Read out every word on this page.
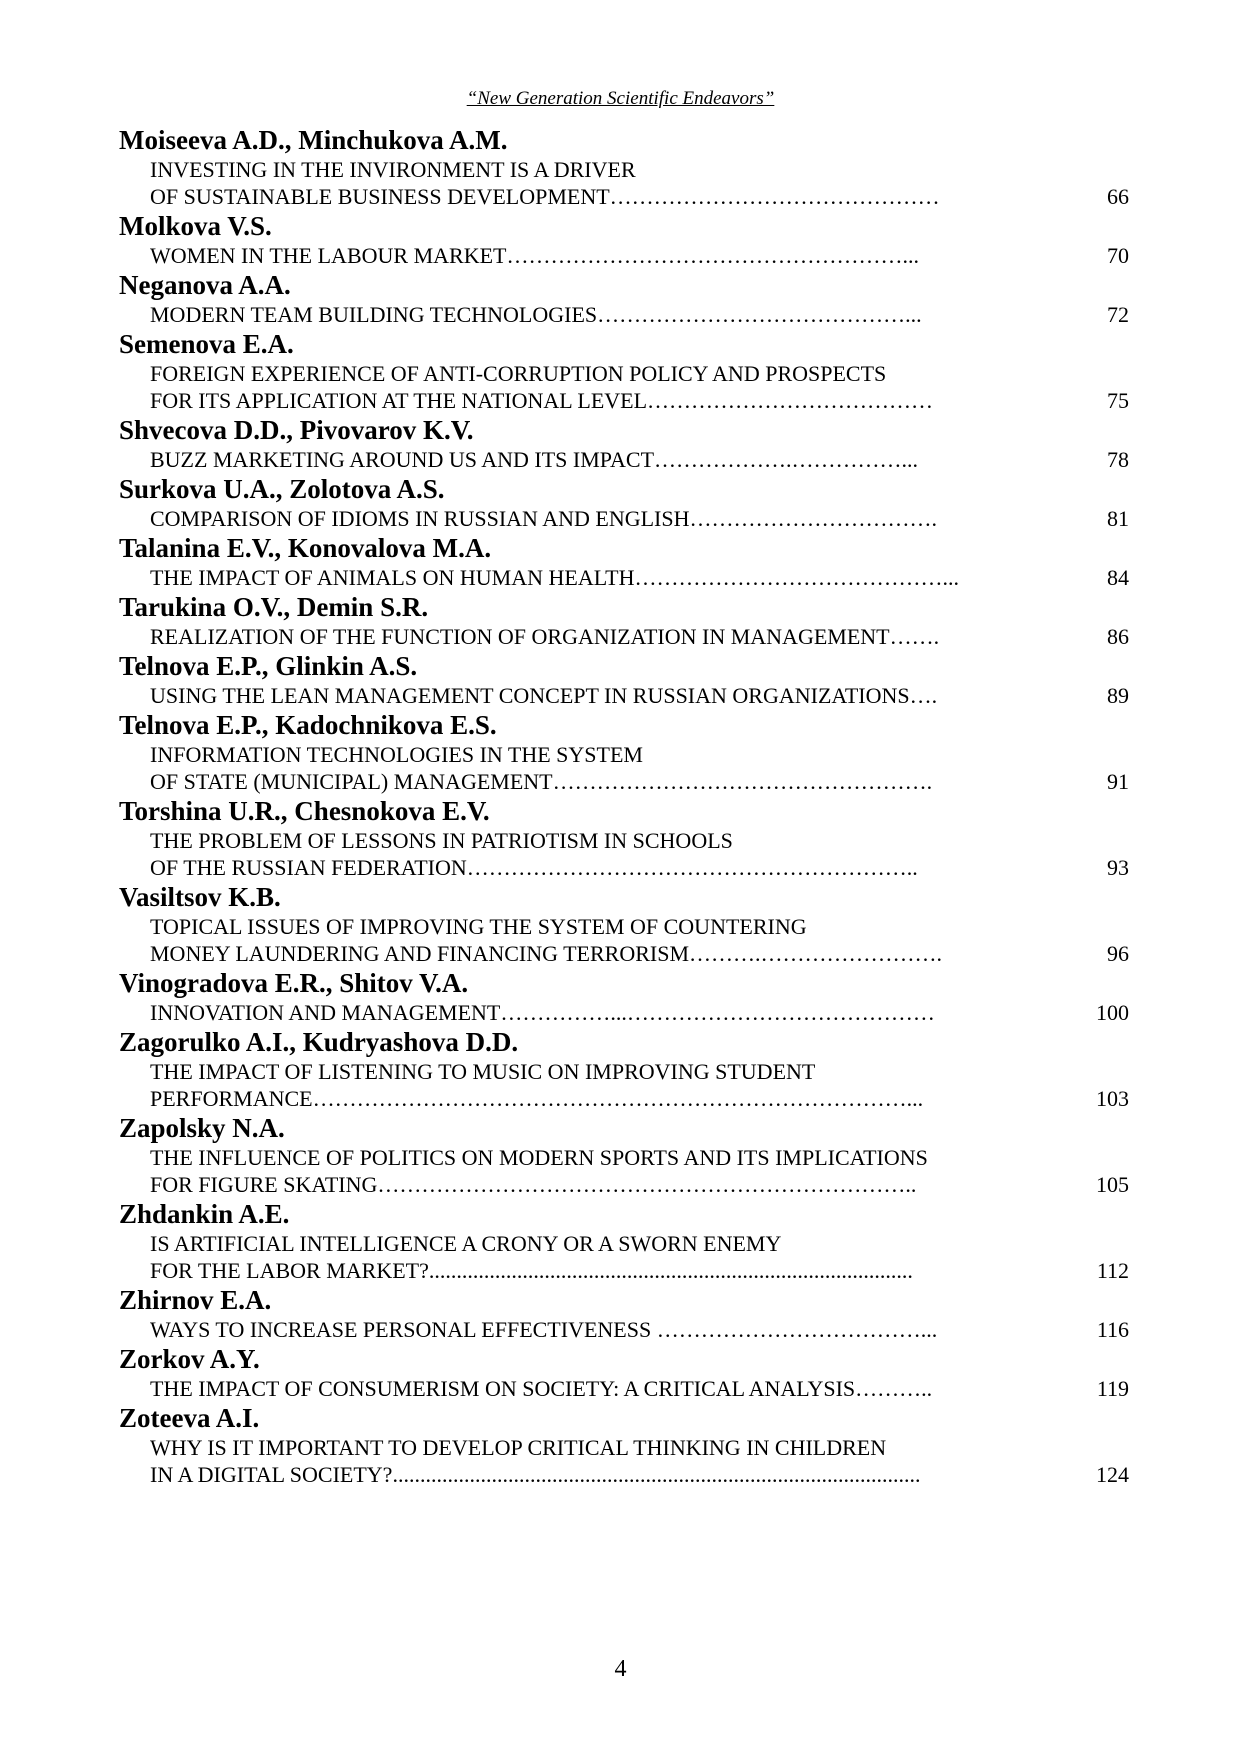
“New Generation Scientific Endeavors”
Moiseeva A.D., Minchukova A.M.
INVESTING IN THE INVIRONMENT IS A DRIVER
OF SUSTAINABLE BUSINESS DEVELOPMENT………………………………………	66
Molkova V.S.
WOMEN IN THE LABOUR MARKET………………………………………………...	70
Neganova A.A.
MODERN TEAM BUILDING TECHNOLOGIES……………………………………...	72
Semenova E.A.
FOREIGN EXPERIENCE OF ANTI-CORRUPTION POLICY AND PROSPECTS
FOR ITS APPLICATION AT THE NATIONAL LEVEL…………………………………	75
Shvecova D.D., Pivovarov K.V.
BUZZ MARKETING AROUND US AND ITS IMPACT……………….……………...	78
Surkova U.A., Zolotova A.S.
COMPARISON OF IDIOMS IN RUSSIAN AND ENGLISH…………………………….	81
Talanina E.V., Konovalova M.A.
THE IMPACT OF ANIMALS ON HUMAN HEALTH……………………………………...	84
Tarukina O.V., Demin S.R.
REALIZATION OF THE FUNCTION OF ORGANIZATION IN MANAGEMENT…….	86
Telnova E.P., Glinkin A.S.
USING THE LEAN MANAGEMENT CONCEPT IN RUSSIAN ORGANIZATIONS….	89
Telnova E.P., Kadochnikova E.S.
INFORMATION TECHNOLOGIES IN THE SYSTEM
OF STATE (MUNICIPAL) MANAGEMENT…………………………………………….	91
Torshina U.R., Chesnokova E.V.
THE PROBLEM OF LESSONS IN PATRIOTISM IN SCHOOLS
OF THE RUSSIAN FEDERATION……………………………………………………..	93
Vasiltsov K.B.
TOPICAL ISSUES OF IMPROVING THE SYSTEM OF COUNTERING
MONEY LAUNDERING AND FINANCING TERRORISM……….…………………….	96
Vinogradova E.R., Shitov V.A.
INNOVATION AND MANAGEMENT……………...……………………………………	100
Zagorulko A.I., Kudryashova D.D.
THE IMPACT OF LISTENING TO MUSIC ON IMPROVING STUDENT
PERFORMANCE………………………………………………………………………...	103
Zapolsky N.A.
THE INFLUENCE OF POLITICS ON MODERN SPORTS AND ITS IMPLICATIONS
FOR FIGURE SKATING………………………………………………………………..	105
Zhdankin A.E.
IS ARTIFICIAL INTELLIGENCE A CRONY OR A SWORN ENEMY
FOR THE LABOR MARKET?........................................................................................	112
Zhirnov E.A.
WAYS TO INCREASE PERSONAL EFFECTIVENESS ………………………………...	116
Zorkov A.Y.
THE IMPACT OF CONSUMERISM ON SOCIETY: A CRITICAL ANALYSIS………..	119
Zoteeva A.I.
WHY IS IT IMPORTANT TO DEVELOP CRITICAL THINKING IN CHILDREN
IN A DIGITAL SOCIETY?................................................................................................	124
4
